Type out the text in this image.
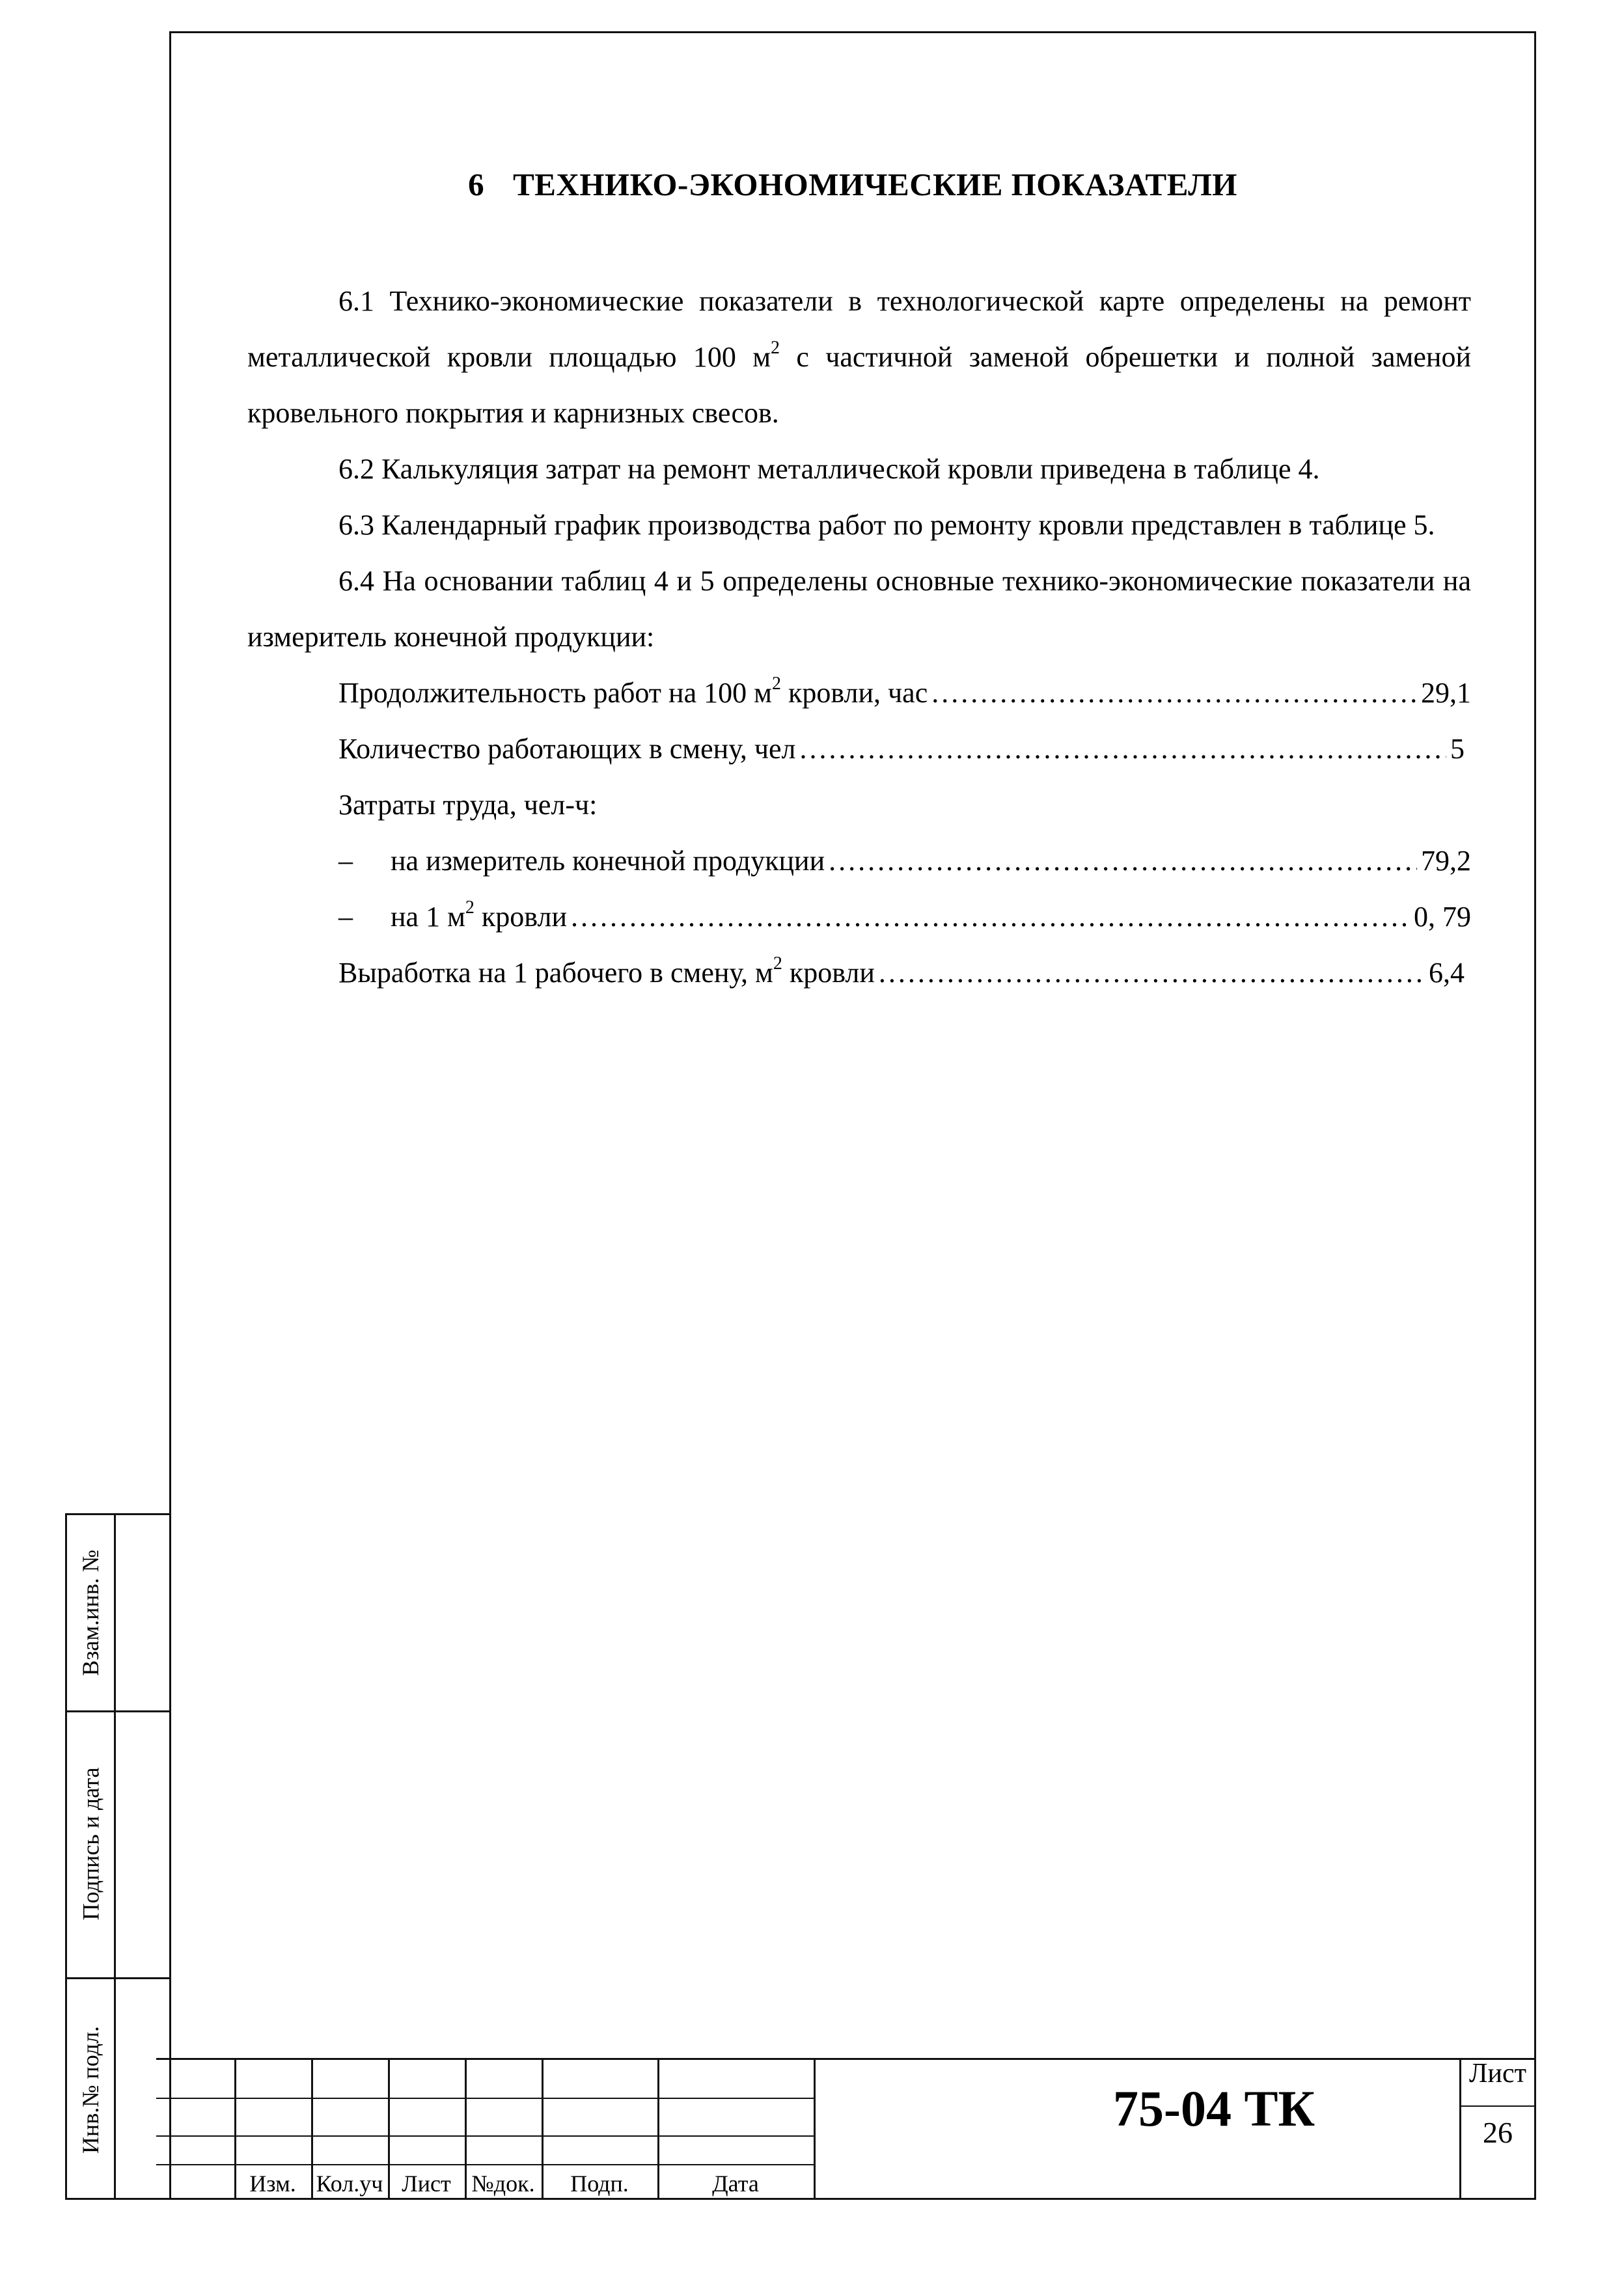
6 ТЕХНИКО-ЭКОНОМИЧЕСКИЕ ПОКАЗАТЕЛИ

6.1 Технико-экономические показатели в технологической карте определены на ремонт металлической кровли площадью 100 $м^2$ с частичной заменой обрешетки и полной заменой кровельного покрытия и карнизных свесов.

6.2 Калькуляция затрат на ремонт металлической кровли приведена в таблице 4.

6.3 Календарный график производства работ по ремонту кровли представлен в таблице 5.

6.4 На основании таблиц 4 и 5 определены основные технико-экономические показатели на измеритель конечной продукции:

Продолжительность работ на 100 $м^2$ кровли, час .....	29,1
Количество работающих в смену, чел .....	5
Затраты труда, чел-ч:
–	на измеритель конечной продукции .....	79,2
–	на 1 $м^2$ кровли .....	0, 79
Выработка на 1 рабочего в смену, $м^2$ кровли .....	6,4
Взам.инв. №
Подпись и дата
Инв.№ подл.
Изм. Кол.уч Лист №док.	Подп.	Дата
75-04 ТК
Лист
26
